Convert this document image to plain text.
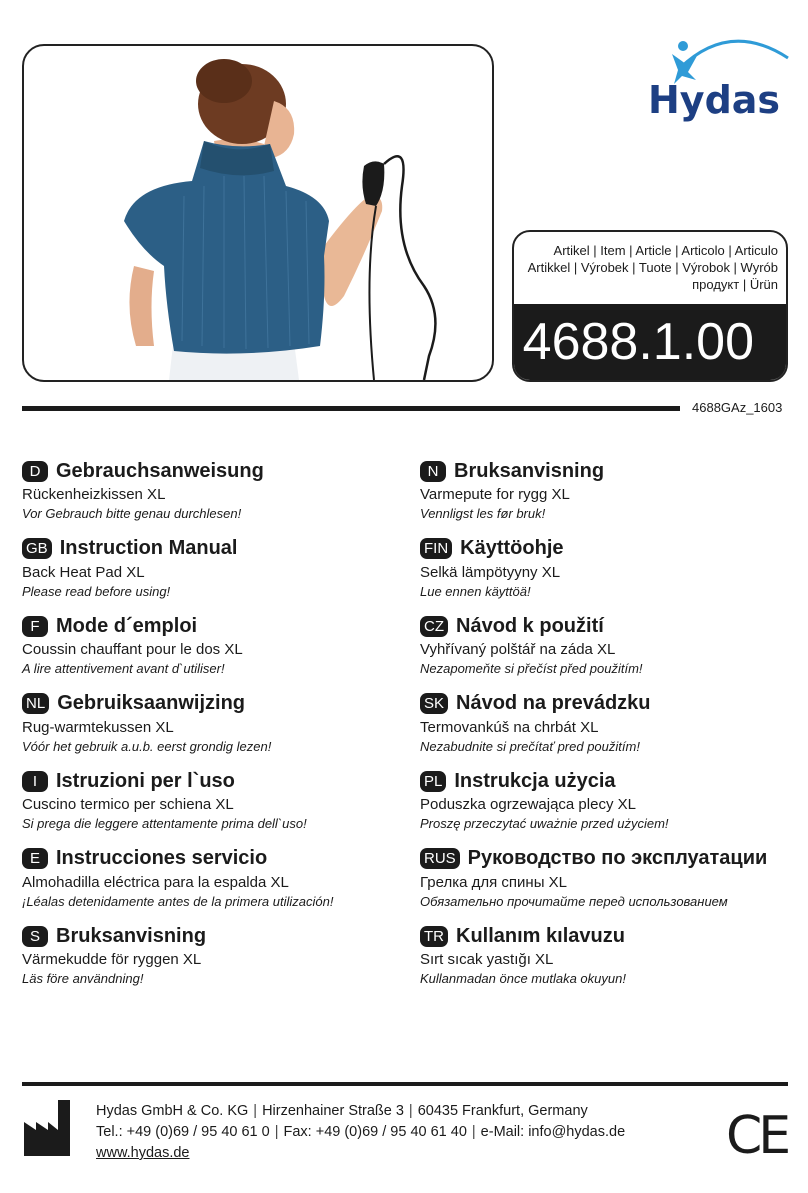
Hydas
Artikel | Item | Article | Articolo | Articulo Artikkel | Výrobek | Tuote | Výrobok | Wyrób продукт | Ürün
4688.1.00
4688GAz_1603
D Gebrauchsanweisung
Rückenheizkissen XL
Vor Gebrauch bitte genau durchlesen!
GB Instruction Manual
Back Heat Pad XL
Please read before using!
F Mode d´emploi
Coussin chauffant pour le dos XL
A lire attentivement avant d`utiliser!
NL Gebruiksaanwijzing
Rug-warmtekussen XL
Vóór het gebruik a.u.b. eerst grondig lezen!
I Istruzioni per l`uso
Cuscino termico per schiena XL
Si prega die leggere attentamente prima dell`uso!
E Instrucciones servicio
Almohadilla eléctrica para la espalda XL
¡Léalas detenidamente antes de la primera utilización!
S Bruksanvisning
Värmekudde för ryggen XL
Läs före användning!
N Bruksanvisning
Varmepute for rygg XL
Vennligst les før bruk!
FIN Käyttöohje
Selkä lämpötyyny XL
Lue ennen käyttöä!
CZ Návod k použití
Vyhřívaný polštář na záda XL
Nezapomeňte si přečíst před použitím!
SK Návod na prevádzku
Termovankúš na chrbát XL
Nezabudnite si prečítať pred použitím!
PL Instrukcja użycia
Poduszka ogrzewająca plecy XL
Proszę przeczytać uważnie przed użyciem!
RUS Руководство по эксплуатации
Грелка для спины XL
Обязательно прочитайте перед использованием
TR Kullanım kılavuzu
Sırt sıcak yastığı XL
Kullanmadan önce mutlaka okuyun!
Hydas GmbH & Co. KG | Hirzenhainer Straße 3 | 60435 Frankfurt, Germany
Tel.: +49 (0)69 / 95 40 61 0 | Fax: +49 (0)69 / 95 40 61 40 | e-Mail: info@hydas.de
www.hydas.de	CE
